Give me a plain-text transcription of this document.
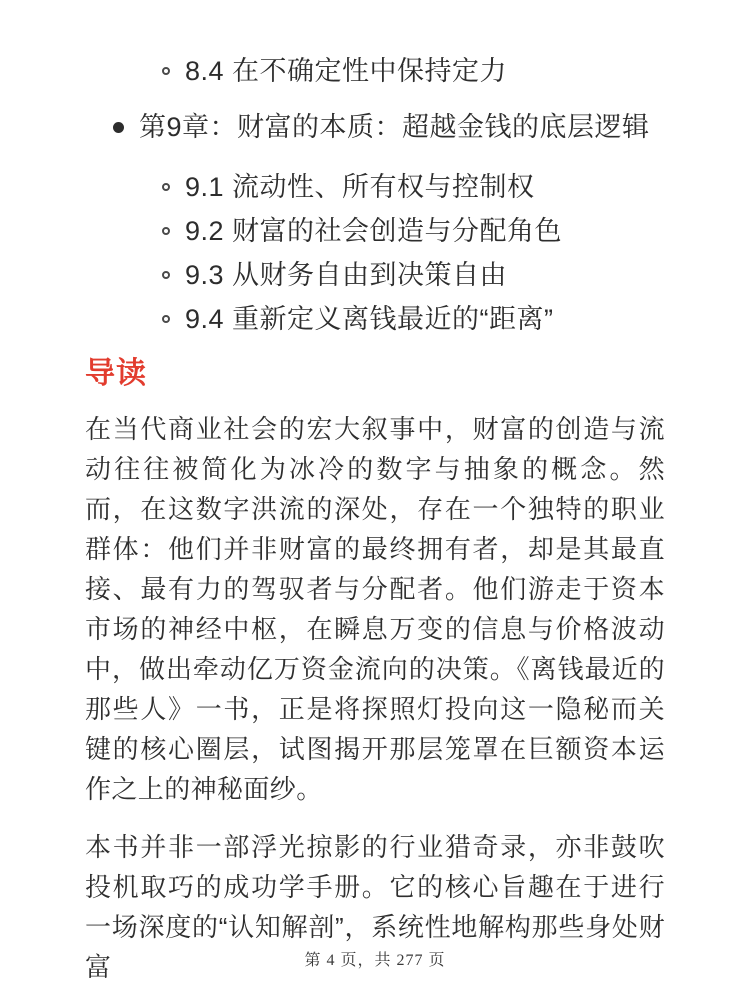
8.4 在不确定性中保持定力
第9章：财富的本质：超越金钱的底层逻辑
9.1 流动性、所有权与控制权
9.2 财富的社会创造与分配角色
9.3 从财务自由到决策自由
9.4 重新定义离钱最近的“距离”
导读

在当代商业社会的宏大叙事中，财富的创造与流动往往被简化为冰冷的数字与抽象的概念。然而，在这数字洪流的深处，存在一个独特的职业群体：他们并非财富的最终拥有者，却是其最直接、最有力的驾驭者与分配者。他们游走于资本市场的神经中枢，在瞬息万变的信息与价格波动中，做出牵动亿万资金流向的决策。《离钱最近的那些人》一书，正是将探照灯投向这一隐秘而关键的核心圈层，试图揭开那层笼罩在巨额资本运作之上的神秘面纱。

本书并非一部浮光掠影的行业猎奇录，亦非鼓吹投机取巧的成功学手册。它的核心旨趣在于进行一场深度的“认知解剖”，系统性地解构那些身处财富	第 4 页，共 277 页
